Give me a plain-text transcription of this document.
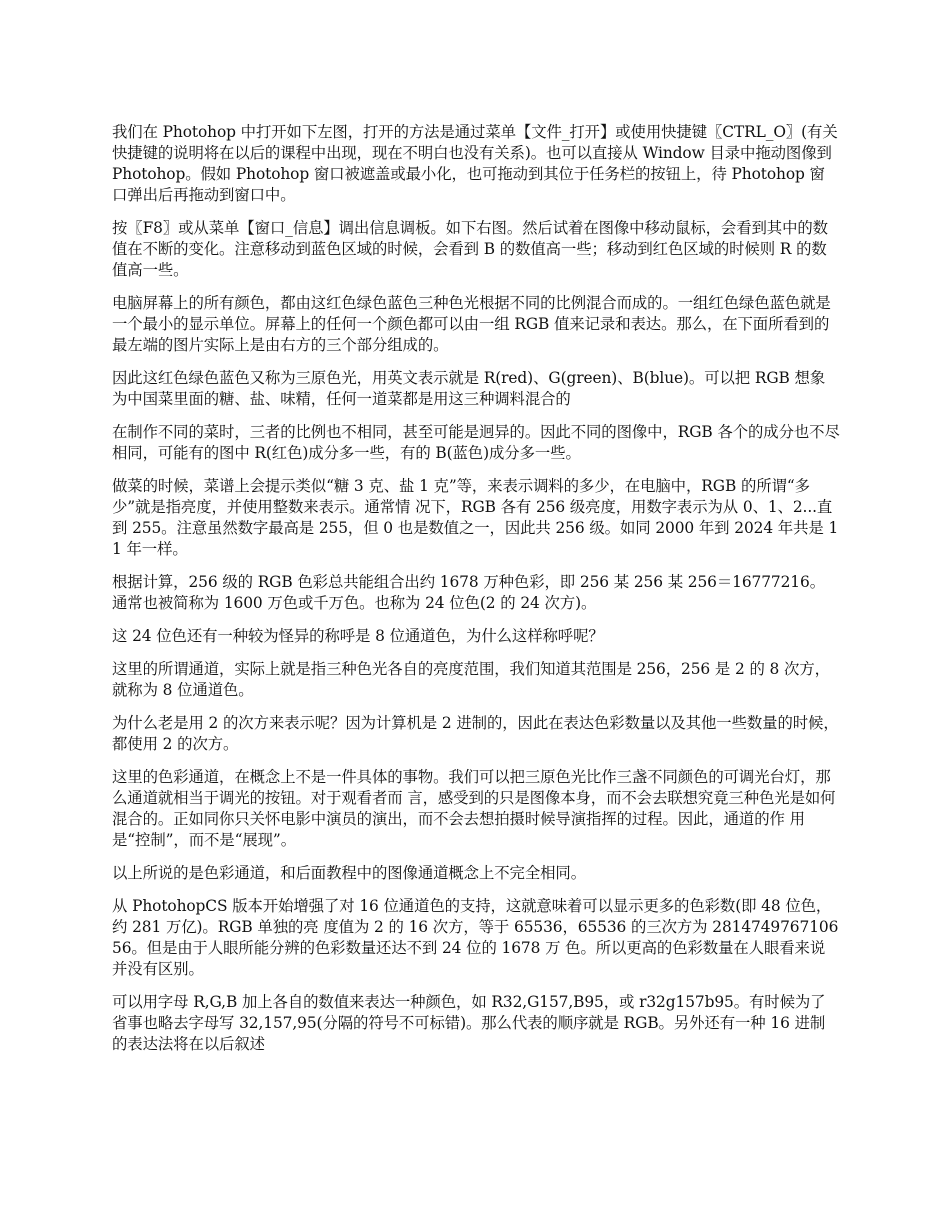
我们在 Photohop 中打开如下左图，打开的方法是通过菜单【文件_打开】或使用快捷键〖CTRL_O〗(有关快捷键的说明将在以后的课程中出现，现在不明白也没有关系)。也可以直接从 Window 目录中拖动图像到 Photohop。假如 Photohop 窗口被遮盖或最小化，也可拖动到其位于任务栏的按钮上，待 Photohop 窗口弹出后再拖动到窗口中。

按〖F8〗或从菜单【窗口_信息】调出信息调板。如下右图。然后试着在图像中移动鼠标，会看到其中的数值在不断的变化。注意移动到蓝色区域的时候，会看到 B 的数值高一些；移动到红色区域的时候则 R 的数值高一些。

电脑屏幕上的所有颜色，都由这红色绿色蓝色三种色光根据不同的比例混合而成的。一组红色绿色蓝色就是一个最小的显示单位。屏幕上的任何一个颜色都可以由一组 RGB 值来记录和表达。那么，在下面所看到的最左端的图片实际上是由右方的三个部分组成的。

因此这红色绿色蓝色又称为三原色光，用英文表示就是 R(red)、G(green)、B(blue)。可以把 RGB 想象为中国菜里面的糖、盐、味精，任何一道菜都是用这三种调料混合的

在制作不同的菜时，三者的比例也不相同，甚至可能是迥异的。因此不同的图像中，RGB 各个的成分也不尽相同，可能有的图中 R(红色)成分多一些，有的 B(蓝色)成分多一些。

做菜的时候，菜谱上会提示类似“糖 3 克、盐 1 克”等，来表示调料的多少，在电脑中，RGB 的所谓“多少”就是指亮度，并使用整数来表示。通常情 况下，RGB 各有 256 级亮度，用数字表示为从 0、1、2...直到 255。注意虽然数字最高是 255，但 0 也是数值之一，因此共 256 级。如同 2000 年到 2024 年共是 11 年一样。

根据计算，256 级的 RGB 色彩总共能组合出约 1678 万种色彩，即 256 某 256 某 256＝16777216。通常也被简称为 1600 万色或千万色。也称为 24 位色(2 的 24 次方)。

这 24 位色还有一种较为怪异的称呼是 8 位通道色，为什么这样称呼呢？

这里的所谓通道，实际上就是指三种色光各自的亮度范围，我们知道其范围是 256，256 是 2 的 8 次方，就称为 8 位通道色。

为什么老是用 2 的次方来表示呢？因为计算机是 2 进制的，因此在表达色彩数量以及其他一些数量的时候，都使用 2 的次方。

这里的色彩通道，在概念上不是一件具体的事物。我们可以把三原色光比作三盏不同颜色的可调光台灯，那么通道就相当于调光的按钮。对于观看者而 言，感受到的只是图像本身，而不会去联想究竟三种色光是如何混合的。正如同你只关怀电影中演员的演出，而不会去想拍摄时候导演指挥的过程。因此，通道的作 用是“控制”，而不是“展现”。

以上所说的是色彩通道，和后面教程中的图像通道概念上不完全相同。

从 PhotohopCS 版本开始增强了对 16 位通道色的支持，这就意味着可以显示更多的色彩数(即 48 位色，约 281 万亿)。RGB 单独的亮 度值为 2 的 16 次方，等于 65536，65536 的三次方为 281474976710656。但是由于人眼所能分辨的色彩数量还达不到 24 位的 1678 万 色。所以更高的色彩数量在人眼看来说并没有区别。

可以用字母 R,G,B 加上各自的数值来表达一种颜色，如 R32,G157,B95，或 r32g157b95。有时候为了省事也略去字母写 32,157,95(分隔的符号不可标错)。那么代表的顺序就是 RGB。另外还有一种 16 进制的表达法将在以后叙述
